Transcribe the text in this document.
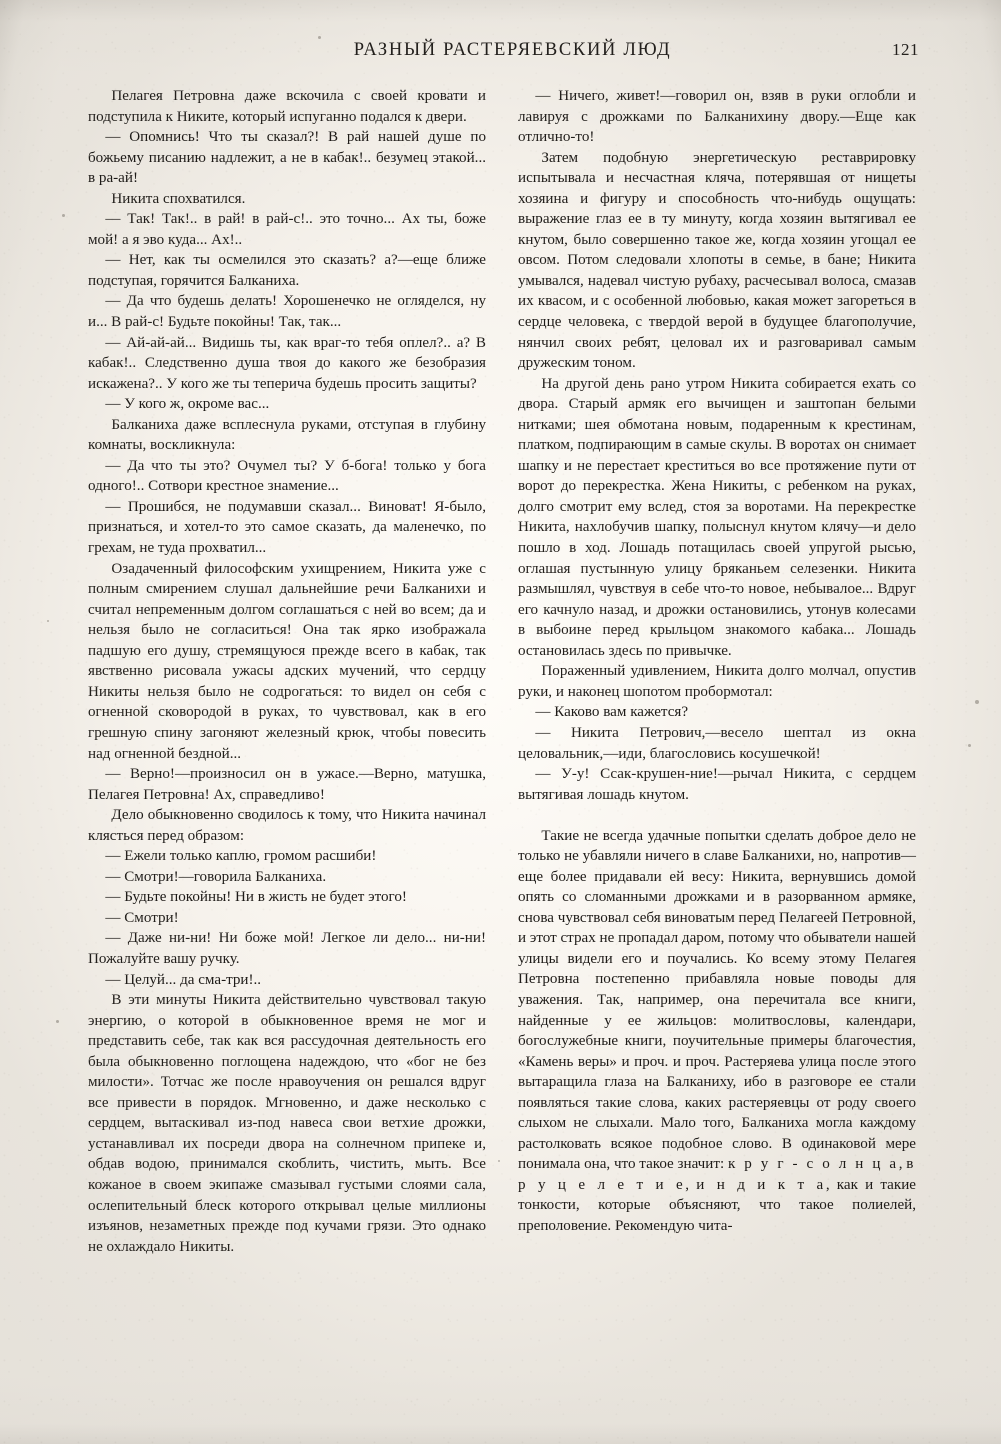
РАЗНЫЙ РАСТЕРЯЕВСКИЙ ЛЮД	121

Пелагея Петровна даже вскочила с своей кровати и подступила к Никите, который испуганно подался к двери.

— Опомнись! Что ты сказал?! В рай нашей душе по божьему писанию надлежит, а не в кабак!.. безумец этакой... в ра-ай!

Никита спохватился.

— Так! Так!.. в рай! в рай-с!.. это точно... Ах ты, боже мой! а я эво куда... Ах!..

— Нет, как ты осмелился это сказать? а?—еще ближе подступая, горячится Балканиха.

— Да что будешь делать! Хорошенечко не огляделся, ну и... В рай-с! Будьте покойны! Так, так...

— Ай-ай-ай... Видишь ты, как враг-то тебя оплел?.. а? В кабак!.. Следственно душа твоя до какого же безобразия искажена?.. У кого же ты теперича будешь просить защиты?

— У кого ж, окроме вас...

Балканиха даже всплеснула руками, отступая в глубину комнаты, воскликнула:

— Да что ты это? Очумел ты? У б-бога! только у бога одного!.. Сотвори крестное знамение...

— Прошибся, не подумавши сказал... Виноват! Я-было, признаться, и хотел-то это самое сказать, да маленечко, по грехам, не туда прохватил...

Озадаченный философским ухищрением, Никита уже с полным смирением слушал дальнейшие речи Балканихи и считал непременным долгом соглашаться с ней во всем; да и нельзя было не согласиться! Она так ярко изображала падшую его душу, стремящуюся прежде всего в кабак, так явственно рисовала ужасы адских мучений, что сердцу Никиты нельзя было не содрогаться: то видел он себя с огненной сковородой в руках, то чувствовал, как в его грешную спину загоняют железный крюк, чтобы повесить над огненной бездной...

— Верно!—произносил он в ужасе.—Верно, матушка, Пелагея Петровна! Ах, справедливо!

Дело обыкновенно сводилось к тому, что Никита начинал клясться перед образом:

— Ежели только каплю, громом расшиби!

— Смотри!—говорила Балканиха.

— Будьте покойны! Ни в жисть не будет этого!

— Смотри!

— Даже ни-ни! Ни боже мой! Легкое ли дело... ни-ни! Пожалуйте вашу ручку.

— Целуй... да сма-три!..

В эти минуты Никита действительно чувствовал такую энергию, о которой в обыкновенное время не мог и представить себе, так как вся рассудочная деятельность его была обыкновенно поглощена надеждою, что «бог не без милости». Тотчас же после нравоучения он решался вдруг все привести в порядок. Мгновенно, и даже несколько с сердцем, вытаскивал из-под навеса свои ветхие дрожки, устанавливал их посреди двора на солнечном припеке и, обдав водою, принимался скоблить, чистить, мыть. Все кожаное в своем экипаже смазывал густыми слоями сала, ослепительный блеск которого открывал целые миллионы изъянов, незаметных прежде под кучами грязи. Это однако не охлаждало Никиты.

— Ничего, живет!—говорил он, взяв в руки оглобли и лавируя с дрожками по Балканихину двору.—Еще как отлично-то!

Затем подобную энергетическую реставрировку испытывала и несчастная кляча, потерявшая от нищеты хозяина и фигуру и способность что-нибудь ощущать: выражение глаз ее в ту минуту, когда хозяин вытягивал ее кнутом, было совершенно такое же, когда хозяин угощал ее овсом. Потом следовали хлопоты в семье, в бане; Никита умывался, надевал чистую рубаху, расчесывал волоса, смазав их квасом, и с особенной любовью, какая может загореться в сердце человека, с твердой верой в будущее благополучие, нянчил своих ребят, целовал их и разговаривал самым дружеским тоном.

На другой день рано утром Никита собирается ехать со двора. Старый армяк его вычищен и заштопан белыми нитками; шея обмотана новым, подаренным к крестинам, платком, подпирающим в самые скулы. В воротах он снимает шапку и не перестает креститься во все протяжение пути от ворот до перекрестка. Жена Никиты, с ребенком на руках, долго смотрит ему вслед, стоя за воротами. На перекрестке Никита, нахлобучив шапку, полыснул кнутом клячу—и дело пошло в ход. Лошадь потащилась своей упругой рысью, оглашая пустынную улицу бряканьем селезенки. Никита размышлял, чувствуя в себе что-то новое, небывалое... Вдруг его качнуло назад, и дрожки остановились, утонув колесами в выбоине перед крыльцом знакомого кабака... Лошадь остановилась здесь по привычке.

Пораженный удивлением, Никита долго молчал, опустив руки, и наконец шопотом пробормотал:

— Каково вам кажется?

— Никита Петрович,—весело шептал из окна целовальник,—иди, благословись косушечкой!

— У-у! Ссак-крушен-ние!—рычал Никита, с сердцем вытягивая лошадь кнутом.

Такие не всегда удачные попытки сделать доброе дело не только не убавляли ничего в славе Балканихи, но, напротив—еще более придавали ей весу: Никита, вернувшись домой опять со сломанными дрожками и в разорванном армяке, снова чувствовал себя виноватым перед Пелагеей Петровной, и этот страх не пропадал даром, потому что обыватели нашей улицы видели его и поучались. Ко всему этому Пелагея Петровна постепенно прибавляла новые поводы для уважения. Так, например, она перечитала все книги, найденные у ее жильцов: молитвословы, календари, богослужебные книги, поучительные примеры благочестия, «Камень веры» и проч. и проч. Растеряева улица после этого вытаращила глаза на Балканиху, ибо в разговоре ее стали появляться такие слова, каких растеряевцы от роду своего слыхом не слыхали. Мало того, Балканиха могла каждому растолковать всякое подобное слово. В одинаковой мере понимала она, что такое значит: к р у г - с о л н ц а, в р у ц е л е т и е, и н д и к т а, как и такие тонкости, которые объясняют, что такое полиелей, преполовение. Рекомендую чита-
